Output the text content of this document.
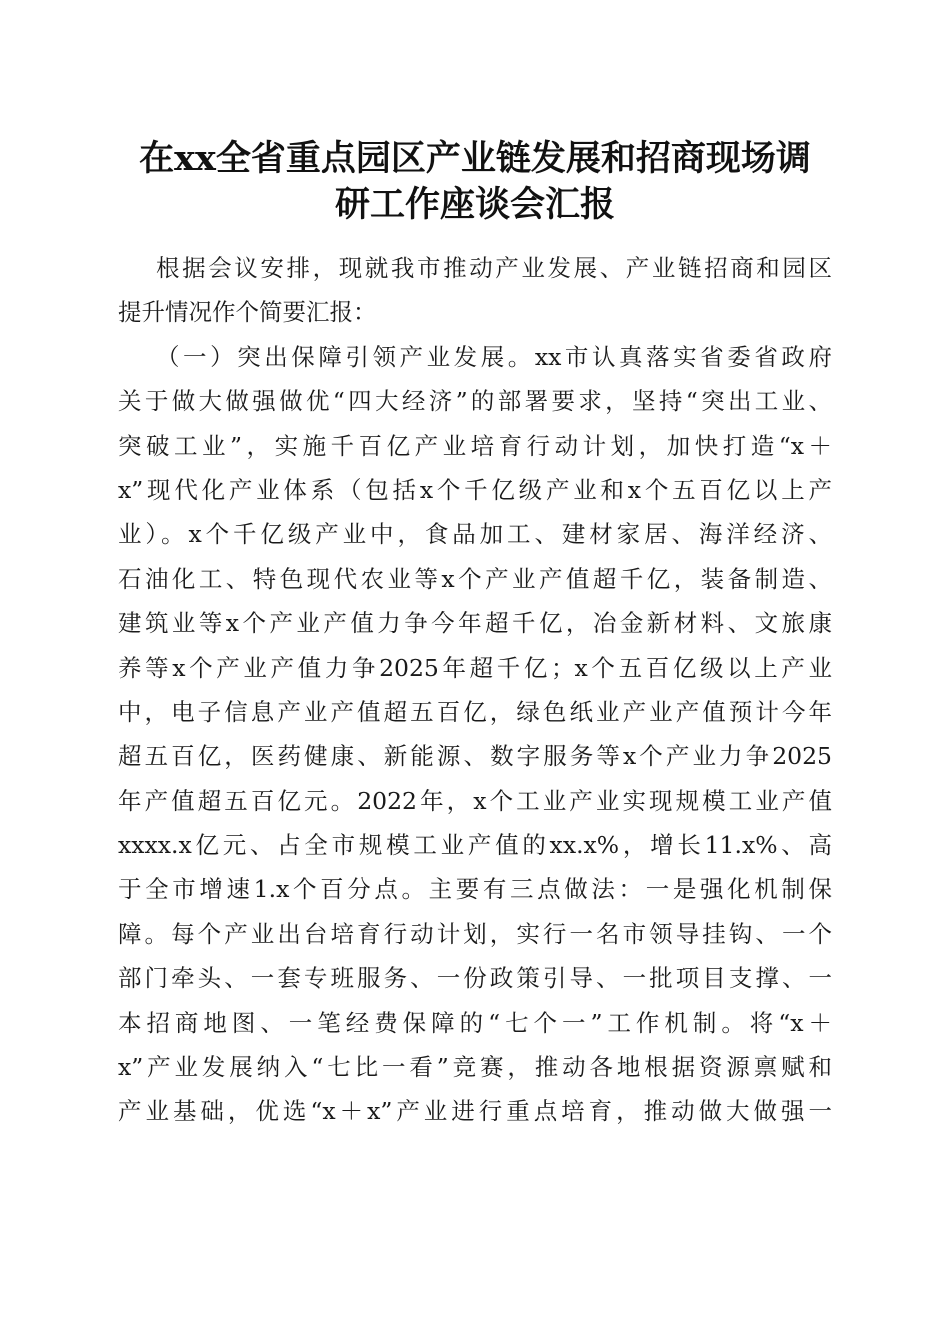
在xx全省重点园区产业链发展和招商现场调
研工作座谈会汇报
根据会议安排，现就我市推动产业发展、产业链招商和园区
提升情况作个简要汇报：
（一）突出保障引领产业发展。xx市认真落实省委省政府
关于做大做强做优“四大经济”的部署要求，坚持“突出工业、
突破工业”，实施千百亿产业培育行动计划，加快打造“x＋
x”现代化产业体系（包括x个千亿级产业和x个五百亿以上产
业）。x个千亿级产业中，食品加工、建材家居、海洋经济、
石油化工、特色现代农业等x个产业产值超千亿，装备制造、
建筑业等x个产业产值力争今年超千亿，冶金新材料、文旅康
养等x个产业产值力争2025年超千亿；x个五百亿级以上产业
中，电子信息产业产值超五百亿，绿色纸业产业产值预计今年
超五百亿，医药健康、新能源、数字服务等x个产业力争2025
年产值超五百亿元。2022年，x个工业产业实现规模工业产值
xxxx.x亿元、占全市规模工业产值的xx.x%，增长11.x%、高
于全市增速1.x个百分点。主要有三点做法：一是强化机制保
障。每个产业出台培育行动计划，实行一名市领导挂钩、一个
部门牵头、一套专班服务、一份政策引导、一批项目支撑、一
本招商地图、一笔经费保障的“七个一”工作机制。将“x＋
x”产业发展纳入“七比一看”竞赛，推动各地根据资源禀赋和
产业基础，优选“x＋x”产业进行重点培育，推动做大做强一
